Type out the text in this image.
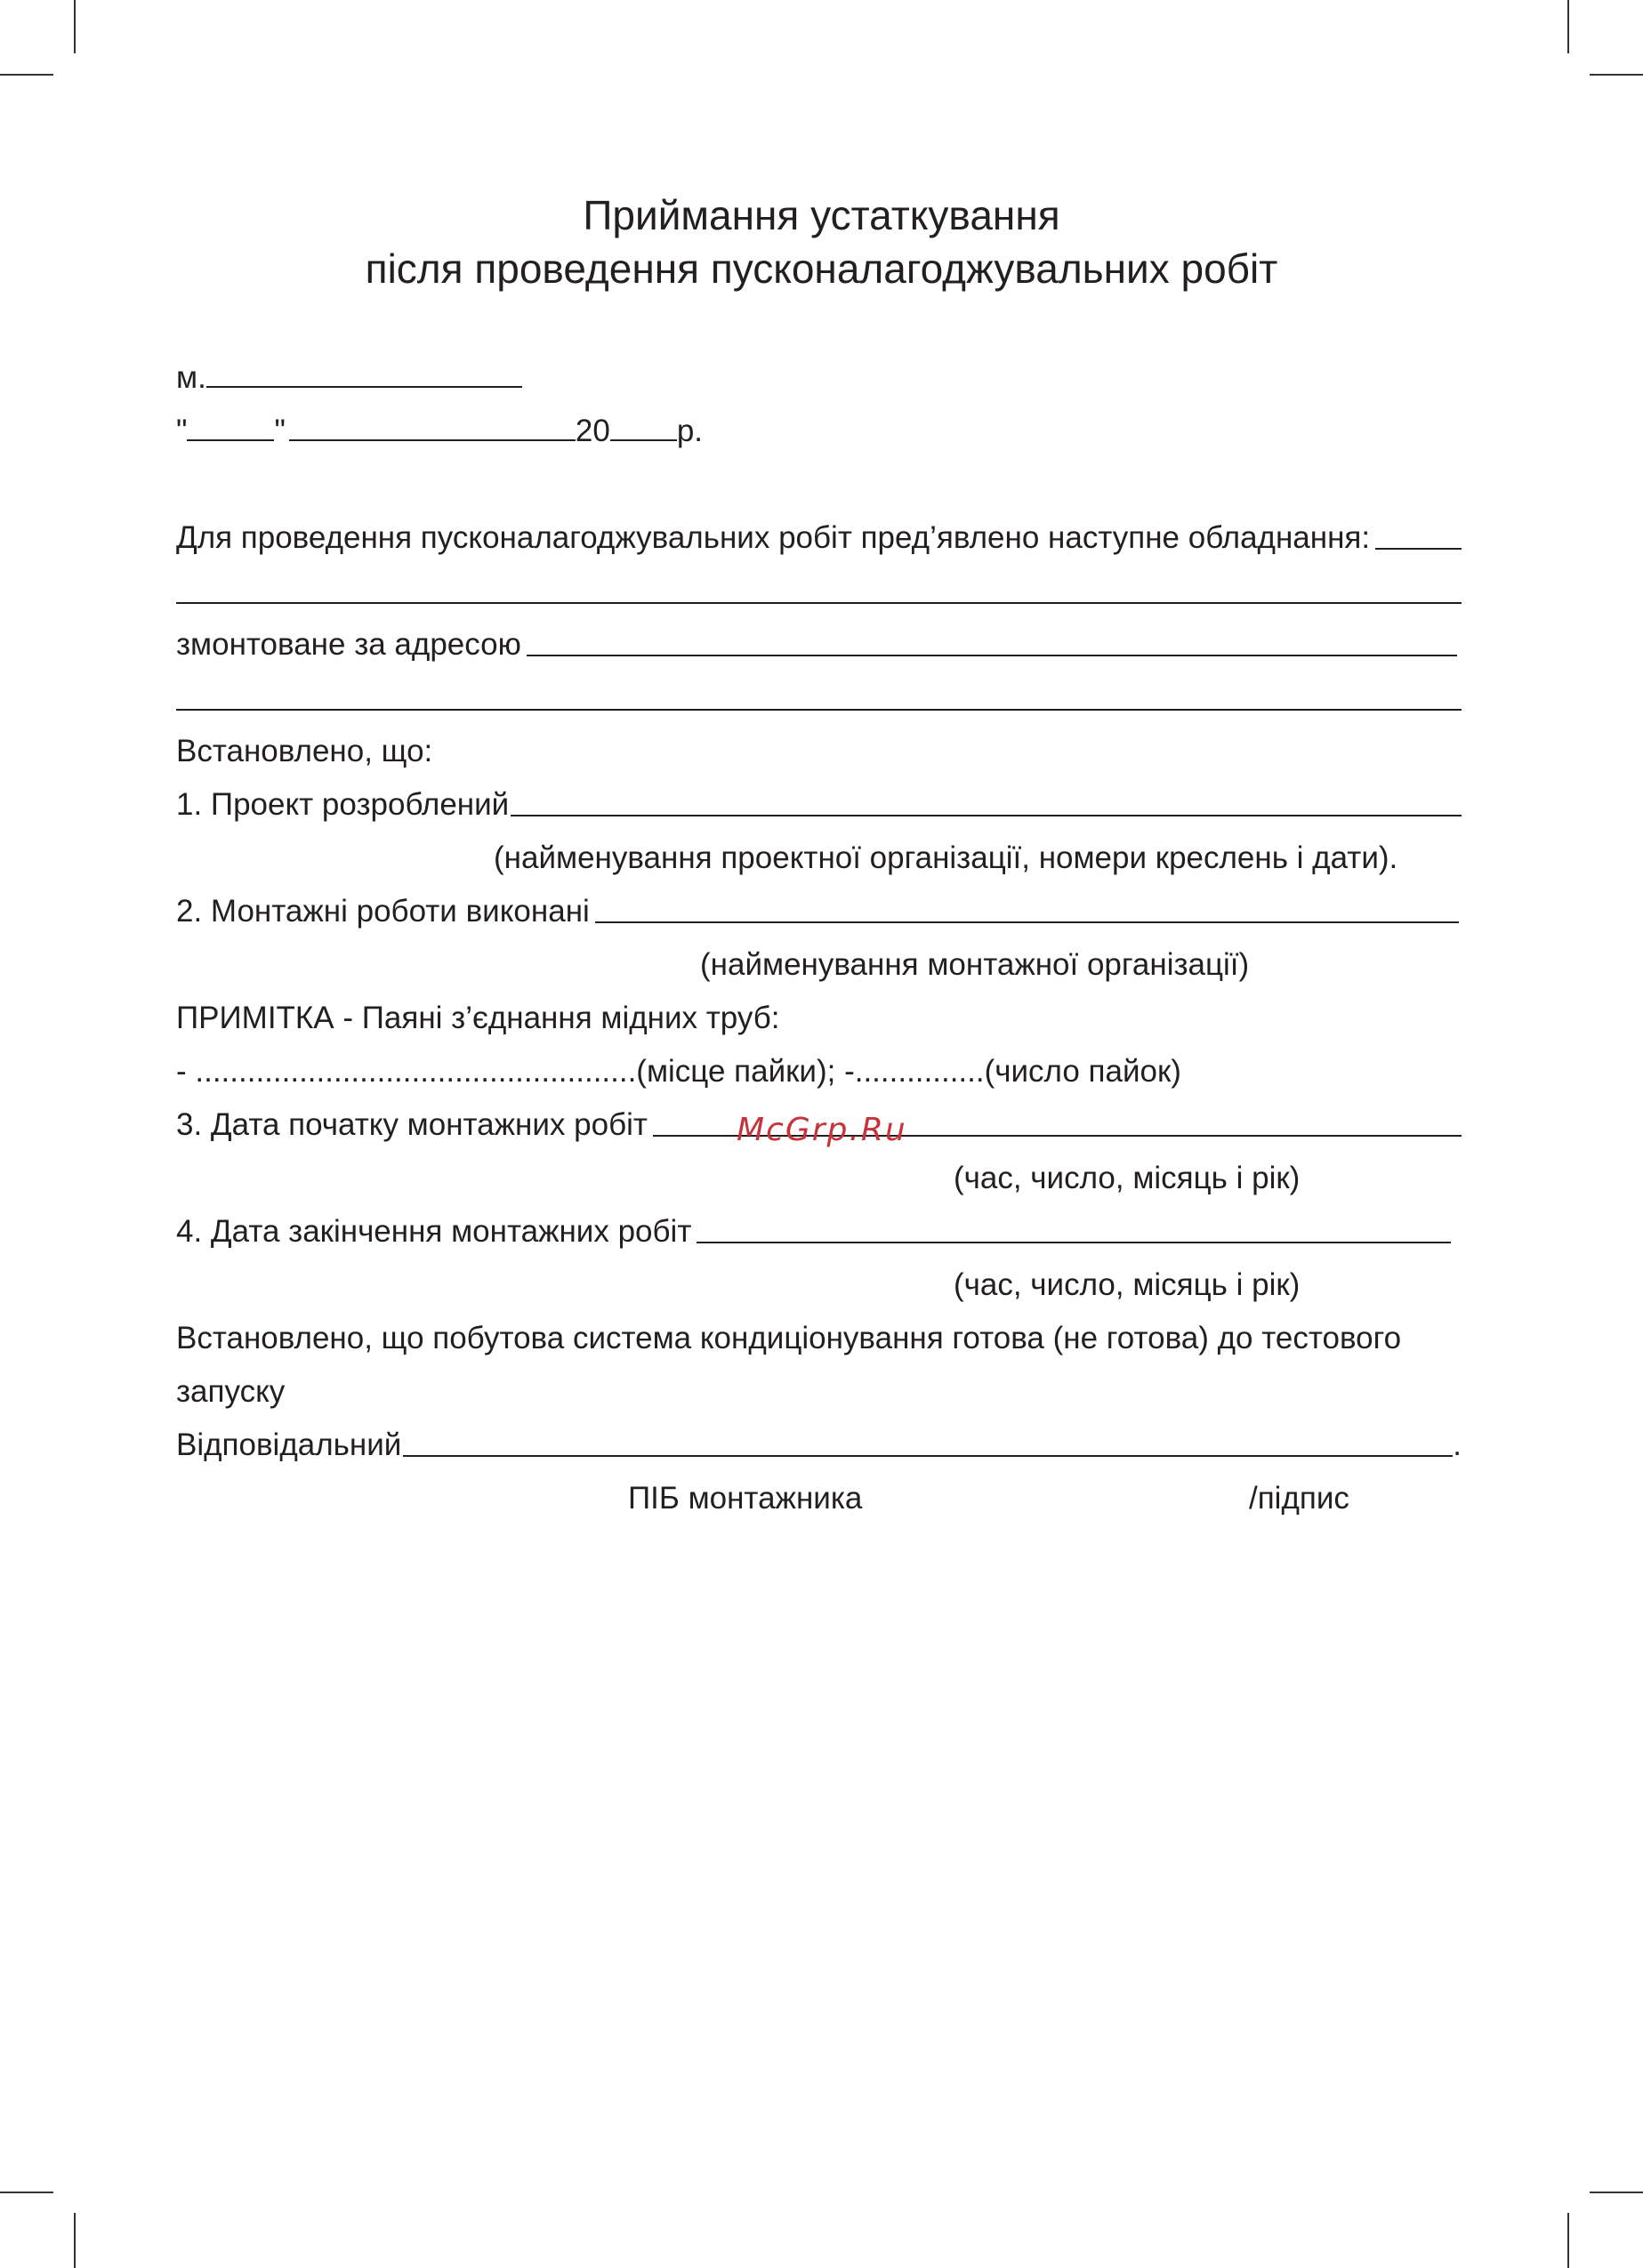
Приймання устаткування
після проведення пусконалагоджувальних робіт
м.
"	"	20 р.
Для проведення пусконалагоджувальних робіт пред’явлено наступне обладнання:
змонтоване за адресою
Встановлено, що:
1. Проект розроблений
(найменування проектної організації, номери креслень і дати).
2. Монтажні роботи виконані
(найменування монтажної організації)
ПРИМІТКА - Паяні з’єднання мідних труб:
- ...................................................(місце пайки); -...............(число пайок)
3. Дата початку монтажних робіт
(час, число, місяць і рік)
4. Дата закінчення монтажних робіт
(час, число, місяць і рік)
Встановлено, що побутова система кондиціонування готова (не готова) до тестового
запуску
Відповідальний	.
ПІБ монтажника	/підпис
McGrp.Ru
